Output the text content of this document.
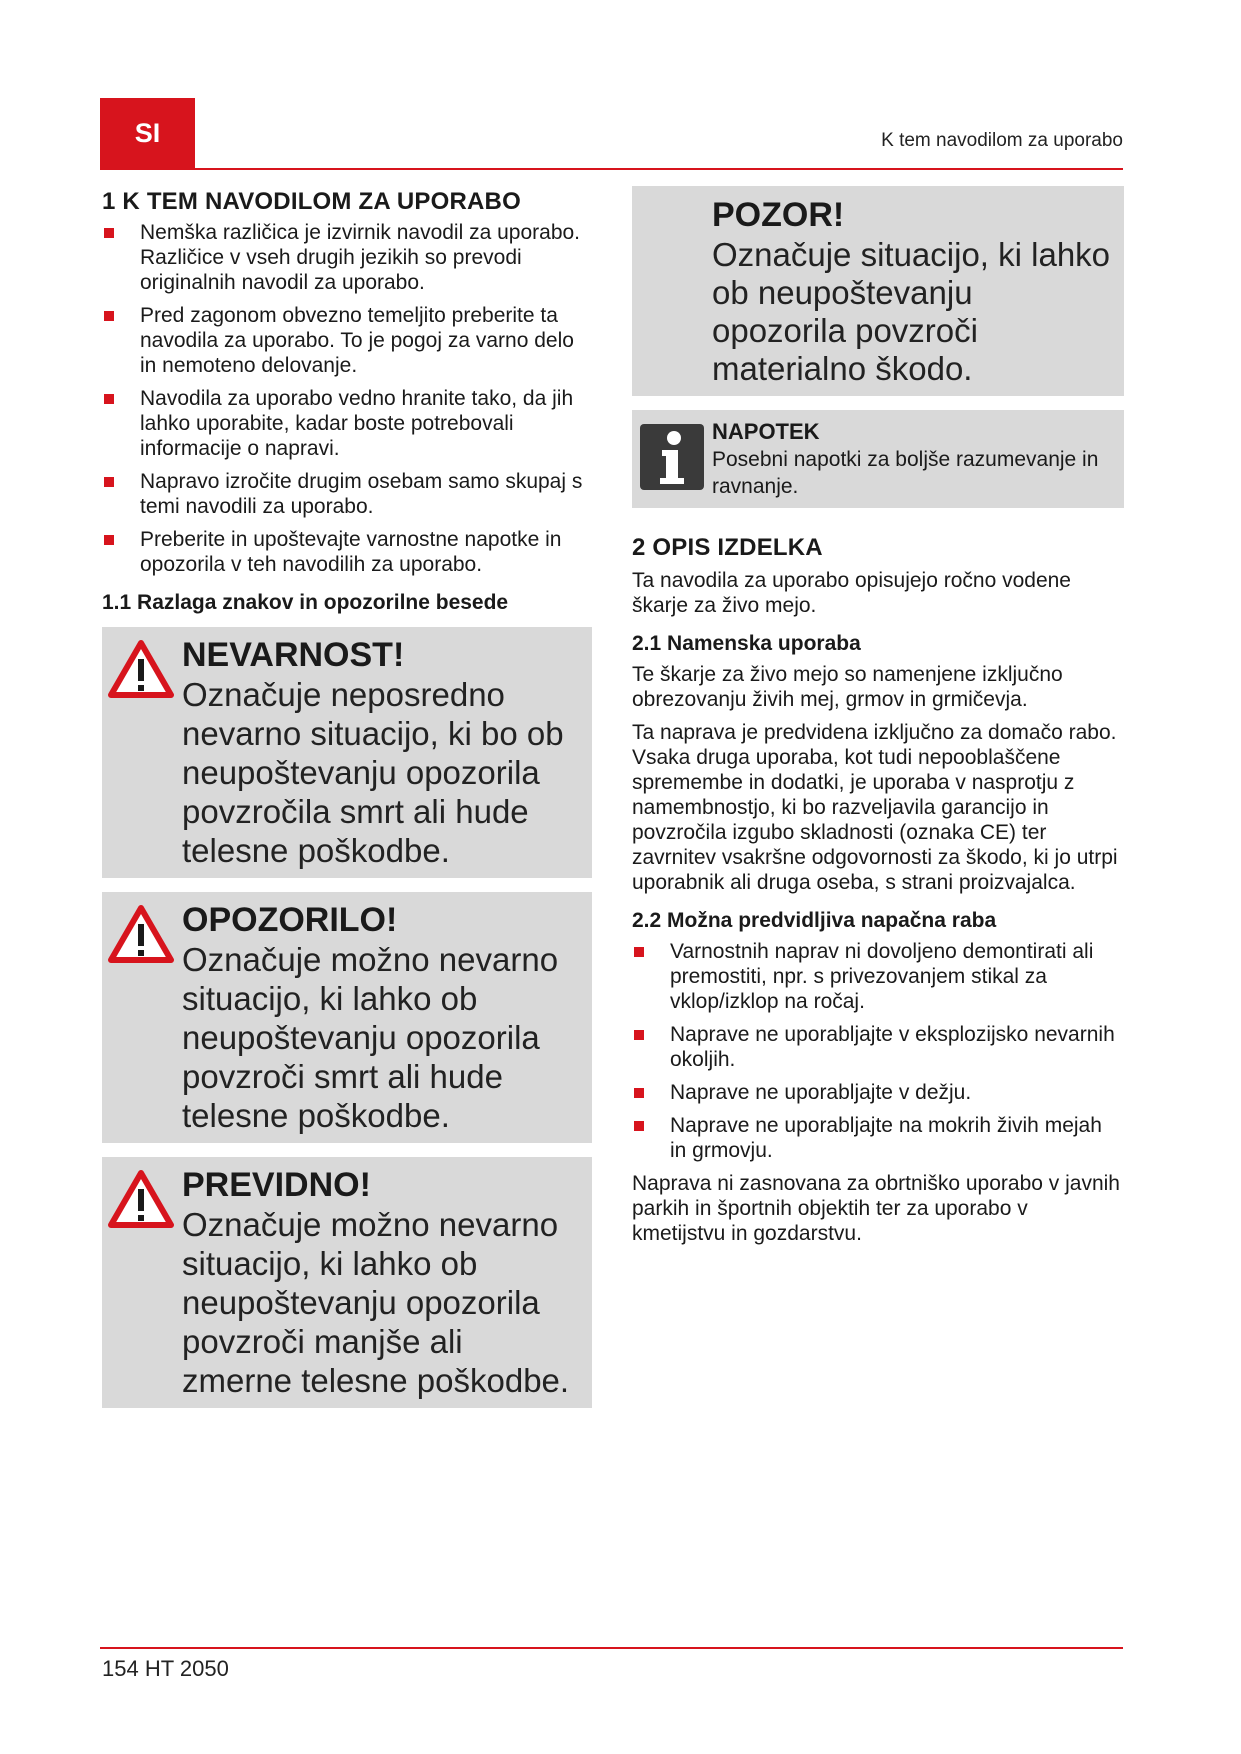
SI	K tem navodilom za uporabo
1 K TEM NAVODILOM ZA UPORABO
Nemška različica je izvirnik navodil za uporabo. Različice v vseh drugih jezikih so prevodi originalnih navodil za uporabo.
Pred zagonom obvezno temeljito preberite ta navodila za uporabo. To je pogoj za varno delo in nemoteno delovanje.
Navodila za uporabo vedno hranite tako, da jih lahko uporabite, kadar boste potrebovali informacije o napravi.
Napravo izročite drugim osebam samo skupaj s temi navodili za uporabo.
Preberite in upoštevajte varnostne napotke in opozorila v teh navodilih za uporabo.
1.1 Razlaga znakov in opozorilne besede
NEVARNOST!
Označuje neposredno nevarno situacijo, ki bo ob neupoštevanju opozorila povzročila smrt ali hude telesne poškodbe.
OPOZORILO!
Označuje možno nevarno situacijo, ki lahko ob neupoštevanju opozorila povzroči smrt ali hude telesne poškodbe.
PREVIDNO!
Označuje možno nevarno situacijo, ki lahko ob neupoštevanju opozorila povzroči manjše ali zmerne telesne poškodbe.
POZOR!
Označuje situacijo, ki lahko ob neupoštevanju opozorila povzroči materialno škodo.
NAPOTEK
Posebni napotki za boljše razumevanje in ravnanje.
2 OPIS IZDELKA

Ta navodila za uporabo opisujejo ročno vodene škarje za živo mejo.

2.1 Namenska uporaba

Te škarje za živo mejo so namenjene izključno obrezovanju živih mej, grmov in grmičevja.

Ta naprava je predvidena izključno za domačo rabo. Vsaka druga uporaba, kot tudi nepooblaščene spremembe in dodatki, je uporaba v nasprotju z namembnostjo, ki bo razveljavila garancijo in povzročila izgubo skladnosti (oznaka CE) ter zavrnitev vsakršne odgovornosti za škodo, ki jo utrpi uporabnik ali druga oseba, s strani proizvajalca.

2.2 Možna predvidljiva napačna raba
Varnostnih naprav ni dovoljeno demontirati ali premostiti, npr. s privezovanjem stikal za vklop/izklop na ročaj.
Naprave ne uporabljajte v eksplozijsko nevarnih okoljih.
Naprave ne uporabljajte v dežju.
Naprave ne uporabljajte na mokrih živih mejah in grmovju.

Naprava ni zasnovana za obrtniško uporabo v javnih parkih in športnih objektih ter za uporabo v kmetijstvu in gozdarstvu.

154 HT 2050
